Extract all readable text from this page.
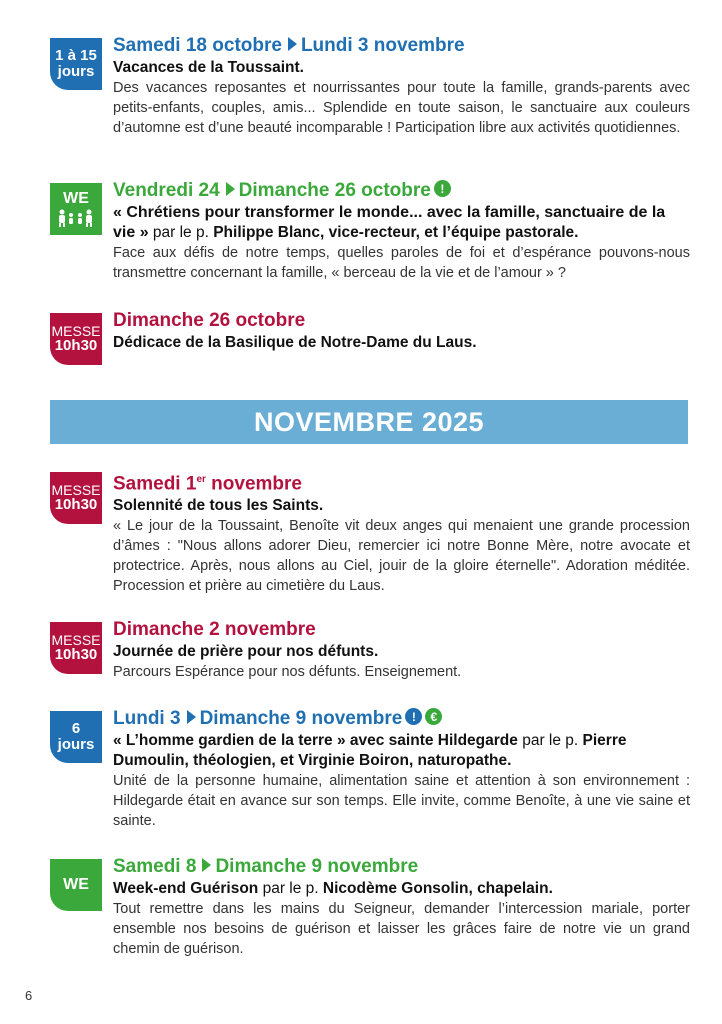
1 à 15
jours
Samedi 18 octobre Lundi 3 novembre
Vacances de la Toussaint.
Des vacances reposantes et nourrissantes pour toute la famille, grands-parents avec petits-enfants, couples, amis... Splendide en toute saison, le sanctuaire aux couleurs d’automne est d’une beauté incomparable ! Participation libre aux activités quotidiennes.
WE Vendredi 24 Dimanche 26 octobre !
« Chrétiens pour transformer le monde... avec la famille, sanctuaire de la vie » par le p. Philippe Blanc, vice-recteur, et l’équipe pastorale.
Face aux défis de notre temps, quelles paroles de foi et d’espérance pouvons-nous transmettre concernant la famille, « berceau de la vie et de l’amour » ?
MESSE
10h30
Dimanche 26 octobre
Dédicace de la Basilique de Notre-Dame du Laus.
NOVEMBRE 2025
MESSE
10h30
Samedi 1er novembre
Solennité de tous les Saints.
« Le jour de la Toussaint, Benoîte vit deux anges qui menaient une grande procession d’âmes : "Nous allons adorer Dieu, remercier ici notre Bonne Mère, notre avocate et protectrice. Après, nous allons au Ciel, jouir de la gloire éternelle". Adoration méditée. Procession et prière au cimetière du Laus.
MESSE
10h30
Dimanche 2 novembre
Journée de prière pour nos défunts.
Parcours Espérance pour nos défunts. Enseignement.
6
jours
Lundi 3 Dimanche 9 novembre ! €
« L’homme gardien de la terre » avec sainte Hildegarde par le p. Pierre Dumoulin, théologien, et Virginie Boiron, naturopathe.
Unité de la personne humaine, alimentation saine et attention à son environnement : Hildegarde était en avance sur son temps. Elle invite, comme Benoîte, à une vie saine et sainte.
WE
Samedi 8 Dimanche 9 novembre
Week-end Guérison par le p. Nicodème Gonsolin, chapelain.
Tout remettre dans les mains du Seigneur, demander l’intercession mariale, porter ensemble nos besoins de guérison et laisser les grâces faire de notre vie un grand chemin de guérison.
6
